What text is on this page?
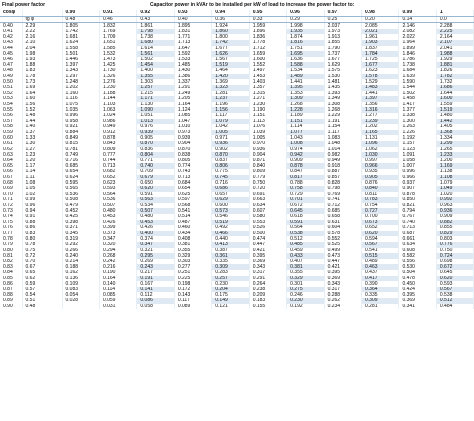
Final power factor	Capacitor power in kVAr to be installed per kW of load to increase the power factor to:
cosφ		0.90	0.91	0.92	0.93	0.94	0.95	0.96	0.97	0.98	0.99	1
	tg φ	0.48	0.46	0.43	0.40	0.36	0.33	0.29	0.25	0.20	0.14	0.0
0.40	2.29	1.805	1.832	1.861	1.895	1.924	1.959	1.998	2.037	2.085	2.146	2.288
0.41	2.22	1.742	1.769	1.798	1.831	1.860	1.896	1.935	1.973	2.021	2.082	2.225
0.42	2.16	1.681	1.709	1.738	1.771	1.800	1.836	1.874	1.913	1.961	2.022	2.164
0.43	2.10	1.624	1.651	1.680	1.713	1.742	1.778	1.816	1.855	1.903	1.964	2.107
0.44	2.04	1.558	1.585	1.614	1.647	1.677	1.712	1.751	1.790	1.837	1.899	2.041
0.45	1.98	1.501	1.532	1.561	1.592	1.626	1.659	1.695	1.737	1.784	1.846	1.988
0.46	1.93	1.446	1.473	1.502	1.533	1.567	1.600	1.636	1.677	1.725	1.786	1.929
0.47	1.88	1.397	1.425	1.454	1.485	1.519	1.552	1.588	1.629	1.677	1.738	1.881
0.48	1.83	1.343	1.730	1.400	1.430	1.464	1.497	1.534	1.575	1.623	1.684	1.826
0.49	1.78	1.297	1.326	1.355	1.386	1.420	1.453	1.489	1.530	1.578	1.639	1.782
0.50	1.73	1.248	1.276	1.303	1.337	1.369	1.403	1.441	1.481	1.529	1.590	1.732
0.51	1.69	1.202	1.230	1.257	1.291	1.323	1.357	1.395	1.435	1.483	1.544	1.686
0.52	1.64	1.160	1.188	1.215	1.249	1.281	1.315	1.353	1.393	1.441	1.502	1.644
0.53	1.60	1.116	1.144	1.171	1.205	1.237	1.271	1.309	1.349	1.397	1.458	1.600
0.54	1.56	1.075	1.103	1.130	1.164	1.196	1.230	1.268	1.308	1.356	1.417	1.559
0.55	1.52	1.035	1.063	1.090	1.124	1.156	1.190	1.228	1.268	1.316	1.377	1.519
0.56	1.48	0.996	1.024	1.051	1.085	1.117	1.151	1.189	1.229	1.277	1.338	1.480
0.57	1.44	0.958	0.986	1.013	1.047	1.079	1.113	1.151	1.191	1.239	1.300	1.442
0.58	1.40	0.921	0.949	0.976	1.010	1.042	1.076	1.114	1.154	1.202	1.263	1.405
0.59	1.37	0.884	0.912	0.939	0.973	1.005	1.039	1.077	1.117	1.165	1.226	1.368
0.60	1.33	0.849	0.878	0.905	0.939	0.971	1.005	1.043	1.083	1.131	1.192	1.334
0.61	1.30	0.815	0.843	0.870	0.904	0.936	0.970	1.008	1.048	1.096	1.157	1.299
0.62	1.27	0.781	0.809	0.836	0.870	0.902	0.936	0.974	1.014	1.062	1.123	1.265
0.63	1.23	0.749	0.777	0.804	0.838	0.870	0.904	0.942	0.982	1.030	1.091	1.233
0.64	1.20	0.716	0.744	0.771	0.805	0.837	0.871	0.909	0.949	0.997	1.058	1.200
0.65	1.17	0.685	0.713	0.740	0.774	0.806	0.840	0.878	0.918	0.966	1.007	1.169
0.66	1.14	0.654	0.682	0.709	0.743	0.775	0.809	0.847	0.887	0.935	0.996	1.138
0.67	1.11	0.624	0.652	0.679	0.713	0.745	0.779	0.817	0.857	0.905	0.966	1.108
0.68	1.08	0.595	0.623	0.650	0.684	0.716	0.750	0.788	0.828	0.876	0.937	1.079
0.69	1.05	0.565	0.593	0.620	0.654	0.686	0.720	0.758	0.798	0.840	0.907	1.049
0.70	1.02	0.536	0.564	0.591	0.625	0.657	0.691	0.729	0.769	0.811	0.878	1.020
0.71	0.99	0.508	0.536	0.563	0.597	0.629	0.663	0.701	0.741	0.783	0.850	0.992
0.72	0.96	0.479	0.507	0.534	0.568	0.600	0.634	0.672	0.712	0.754	0.821	0.963
0.73	0.94	0.452	0.480	0.507	0.541	0.573	0.607	0.645	0.685	0.727	0.794	0.936
0.74	0.91	0.425	0.453	0.480	0.514	0.546	0.580	0.618	0.658	0.700	0.767	0.909
0.75	0.88	0.398	0.426	0.453	0.487	0.519	0.553	0.591	0.631	0.673	0.740	0.882
0.76	0.86	0.371	0.399	0.426	0.460	0.492	0.526	0.564	0.604	0.652	0.713	0.855
0.77	0.83	0.345	0.373	0.400	0.434	0.466	0.500	0.538	0.578	0.620	0.687	0.829
0.78	0.80	0.319	0.347	0.374	0.408	0.440	0.474	0.512	0.552	0.594	0.661	0.803
0.79	0.78	0.292	0.320	0.347	0.381	0.413	0.447	0.485	0.525	0.567	0.634	0.776
0.80	0.75	0.266	0.294	0.321	0.355	0.387	0.421	0.459	0.499	0.541	0.608	0.750
0.81	0.72	0.240	0.268	0.295	0.329	0.361	0.395	0.433	0.473	0.515	0.582	0.724
0.82	0.70	0.214	0.242	0.269	0.303	0.335	0.369	0.407	0.447	0.489	0.556	0.698
0.83	0.67	0.188	0.216	0.243	0.277	0.309	0.343	0.381	0.421	0.463	0.530	0.672
0.84	0.65	0.162	0.190	0.217	0.251	0.283	0.317	0.355	0.395	0.437	0.504	0.645
0.85	0.62	0.136	0.164	0.191	0.225	0.257	0.291	0.329	0.369	0.417	0.478	0.620
0.86	0.59	0.109	0.140	0.167	0.198	0.230	0.264	0.301	0.343	0.390	0.450	0.593
0.87	0.57	0.083	0.114	0.141	0.172	0.204	0.238	0.275	0.317	0.364	0.424	0.567
0.88	0.54	0.054	0.085	0.112	0.143	0.175	0.209	0.246	0.288	0.335	0.395	0.538
0.89	0.51	0.028	0.059	0.086	0.117	0.149	0.183	0.230	0.262	0.309	0.369	0.512
0.90	0.48		0.031	0.058	0.089	0.121	0.155	0.192	0.234	0.281	0.341	0.484
